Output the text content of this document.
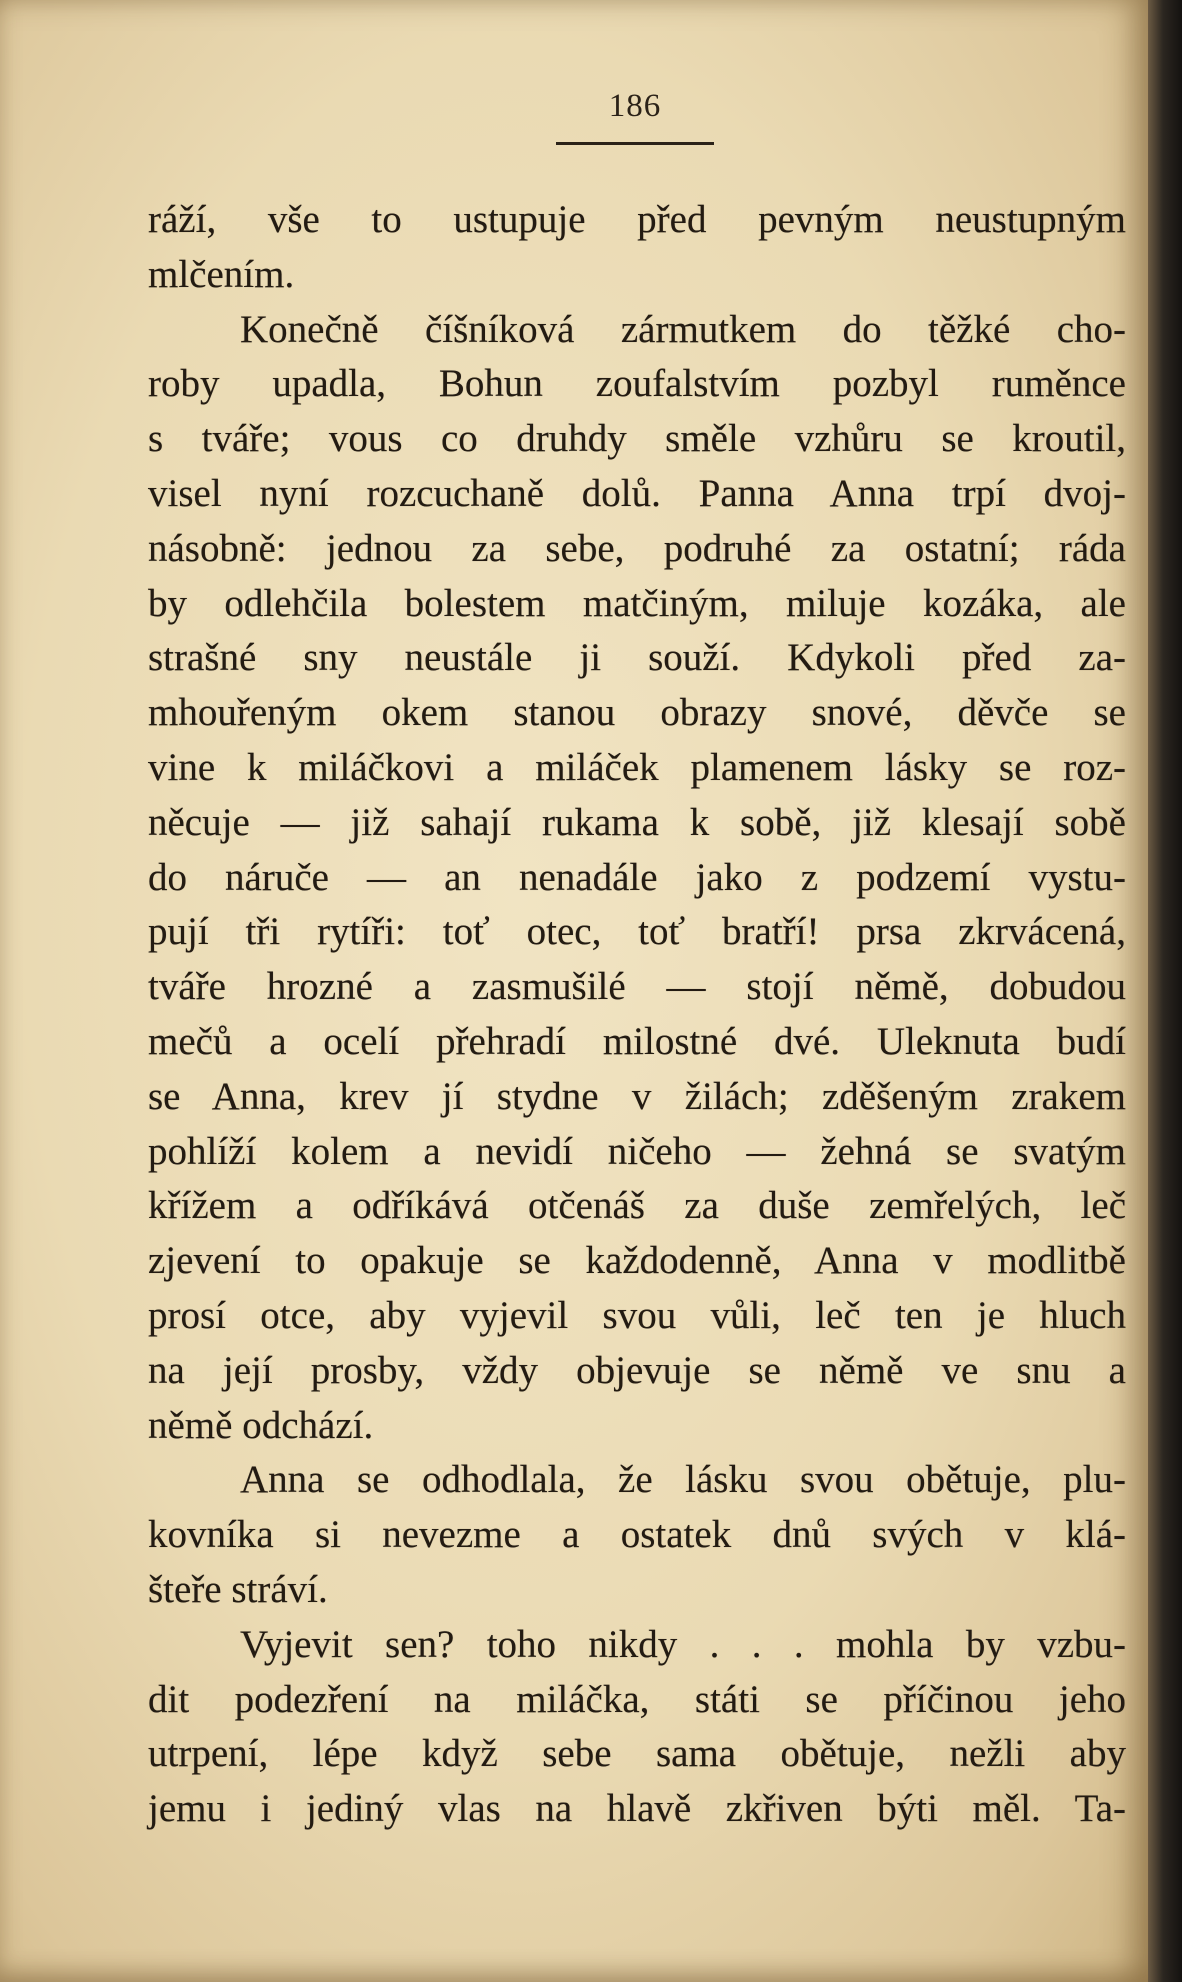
186
ráží, vše to ustupuje před pevným neustupným
mlčením.
Konečně číšníková zármutkem do těžké cho-
roby upadla, Bohun zoufalstvím pozbyl ruměnce
s tváře; vous co druhdy směle vzhůru se kroutil,
visel nyní rozcuchaně dolů. Panna Anna trpí dvoj-
násobně: jednou za sebe, podruhé za ostatní; ráda
by odlehčila bolestem matčiným, miluje kozáka, ale
strašné sny neustále ji souží. Kdykoli před za-
mhouřeným okem stanou obrazy snové, děvče se
vine k miláčkovi a miláček plamenem lásky se roz-
něcuje — již sahají rukama k sobě, již klesají sobě
do náruče — an nenadále jako z podzemí vystu-
pují tři rytíři: toť otec, toť bratří! prsa zkrvácená,
tváře hrozné a zasmušilé — stojí němě, dobudou
mečů a ocelí přehradí milostné dvé. Uleknuta budí
se Anna, krev jí stydne v žilách; zděšeným zrakem
pohlíží kolem a nevidí ničeho — žehná se svatým
křížem a odříkává otčenáš za duše zemřelých, leč
zjevení to opakuje se každodenně, Anna v modlitbě
prosí otce, aby vyjevil svou vůli, leč ten je hluch
na její prosby, vždy objevuje se němě ve snu a
němě odchází.
Anna se odhodlala, že lásku svou obětuje, plu-
kovníka si nevezme a ostatek dnů svých v klá-
šteře stráví.
Vyjevit sen? toho nikdy . . . mohla by vzbu-
dit podezření na miláčka, státi se příčinou jeho
utrpení, lépe když sebe sama obětuje, nežli aby
jemu i jediný vlas na hlavě zkřiven býti měl. Ta-
